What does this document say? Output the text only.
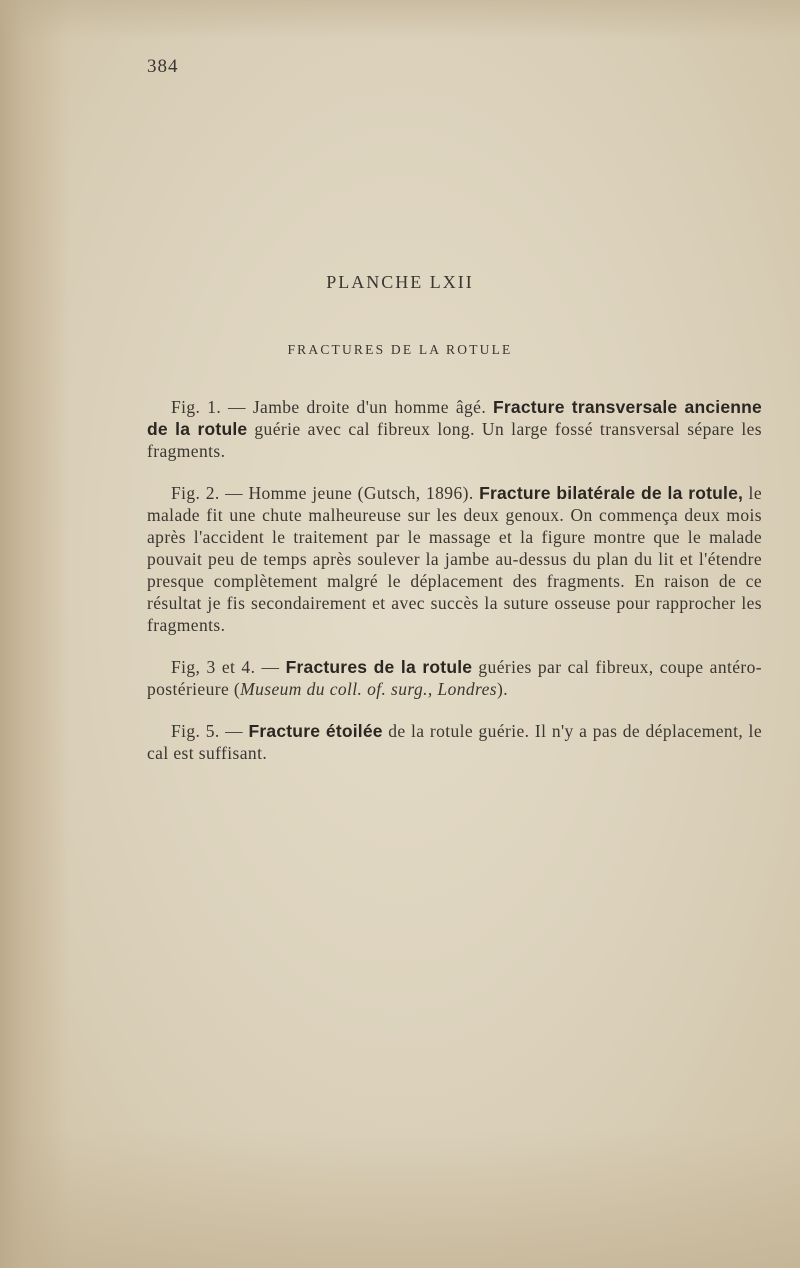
384
PLANCHE LXII
FRACTURES DE LA ROTULE

Fig. 1. — Jambe droite d'un homme âgé. Fracture transversale ancienne de la rotule guérie avec cal fibreux long. Un large fossé transversal sépare les fragments.

Fig. 2. — Homme jeune (Gutsch, 1896). Fracture bilatérale de la rotule, le malade fit une chute malheureuse sur les deux genoux. On commença deux mois après l'accident le traitement par le massage et la figure montre que le malade pouvait peu de temps après soulever la jambe au-dessus du plan du lit et l'étendre presque complètement malgré le déplacement des fragments. En raison de ce résultat je fis secondairement et avec succès la suture osseuse pour rapprocher les fragments.

Fig, 3 et 4. — Fractures de la rotule guéries par cal fibreux, coupe antéro-postérieure (Museum du coll. of. surg., Londres).

Fig. 5. — Fracture étoilée de la rotule guérie. Il n'y a pas de déplacement, le cal est suffisant.
